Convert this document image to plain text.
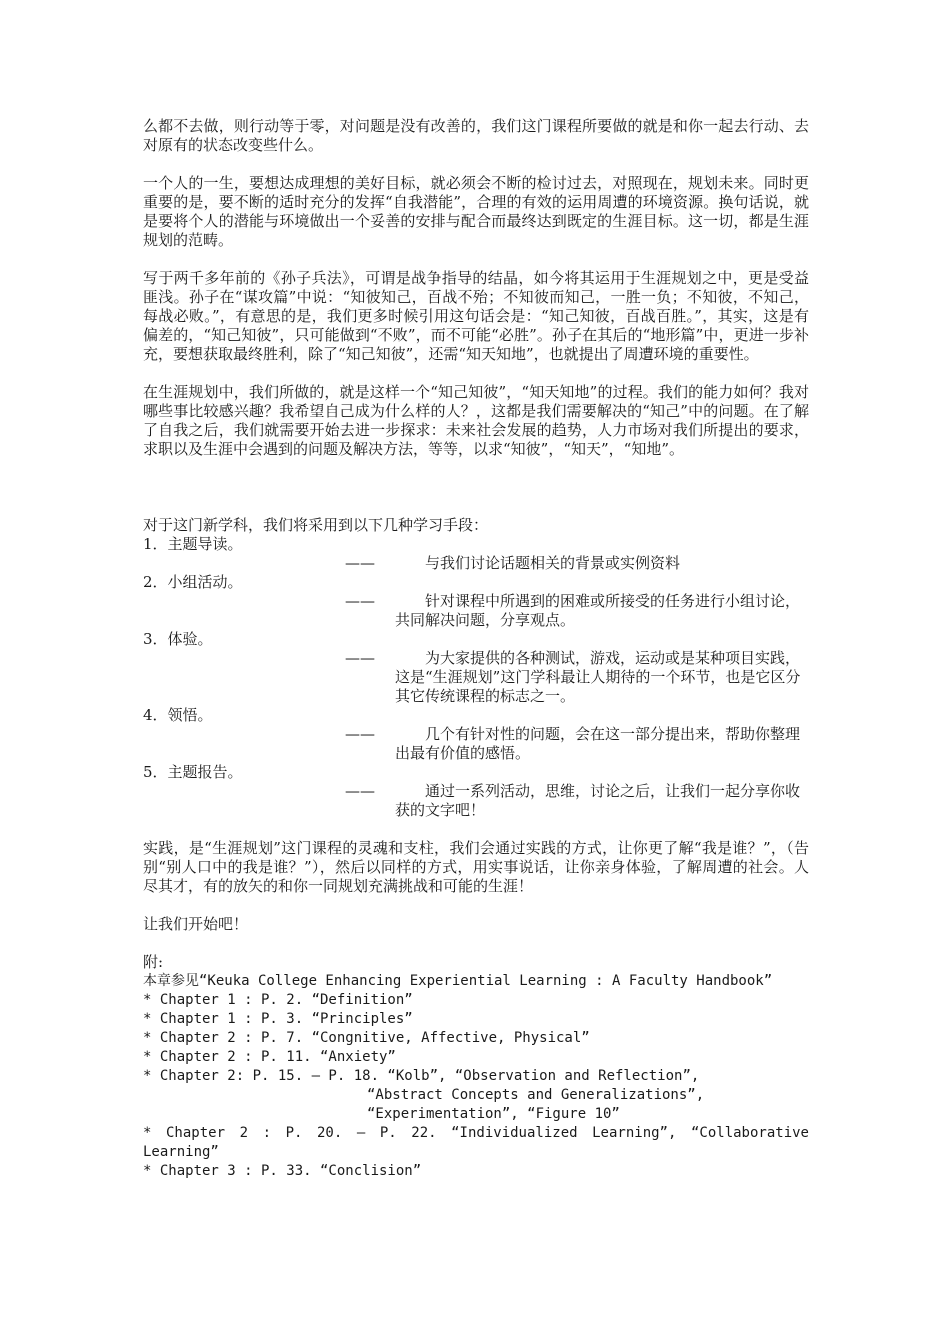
么都不去做，则行动等于零，对问题是没有改善的，我们这门课程所要做的就是和你一起去行动、去对原有的状态改变些什么。

一个人的一生，要想达成理想的美好目标，就必须会不断的检讨过去，对照现在，规划未来。同时更重要的是，要不断的适时充分的发挥“自我潜能”，合理的有效的运用周遭的环境资源。换句话说，就是要将个人的潜能与环境做出一个妥善的安排与配合而最终达到既定的生涯目标。这一切，都是生涯规划的范畴。

写于两千多年前的《孙子兵法》，可谓是战争指导的结晶，如今将其运用于生涯规划之中，更是受益匪浅。孙子在“谋攻篇”中说：“知彼知己，百战不殆；不知彼而知己，一胜一负；不知彼，不知己，每战必败。”，有意思的是，我们更多时候引用这句话会是：“知己知彼，百战百胜。”，其实，这是有偏差的，“知己知彼”，只可能做到“不败”，而不可能“必胜”。孙子在其后的“地形篇”中，更进一步补充，要想获取最终胜利，除了“知己知彼”，还需“知天知地”，也就提出了周遭环境的重要性。

在生涯规划中，我们所做的，就是这样一个“知己知彼”，“知天知地”的过程。我们的能力如何？我对哪些事比较感兴趣？我希望自己成为什么样的人？，这都是我们需要解决的“知己”中的问题。在了解了自我之后，我们就需要开始去进一步探求：未来社会发展的趋势，人力市场对我们所提出的要求，求职以及生涯中会遇到的问题及解决方法，等等，以求“知彼”，“知天”，“知地”。

对于这门新学科，我们将采用到以下几种学习手段：

1．主题导读。

——	与我们讨论话题相关的背景或实例资料

2．小组活动。

——	针对课程中所遇到的困难或所接受的任务进行小组讨论，共同解决问题，分享观点。

3．体验。

——	为大家提供的各种测试，游戏，运动或是某种项目实践，这是“生涯规划”这门学科最让人期待的一个环节，也是它区分其它传统课程的标志之一。

4．领悟。

——	几个有针对性的问题，会在这一部分提出来，帮助你整理出最有价值的感悟。

5．主题报告。

——	通过一系列活动，思维，讨论之后，让我们一起分享你收获的文字吧！

实践，是“生涯规划”这门课程的灵魂和支柱，我们会通过实践的方式，让你更了解“我是谁？”，（告别“别人口中的我是谁？”），然后以同样的方式，用实事说话，让你亲身体验，了解周遭的社会。人尽其才，有的放矢的和你一同规划充满挑战和可能的生涯！

让我们开始吧！

附:

本章参见“Keuka College Enhancing Experiential Learning : A Faculty Handbook”

* Chapter 1 : P. 2. “Definition”

* Chapter 1 : P. 3. “Principles”

* Chapter 2 : P. 7. “Congnitive, Affective, Physical”

* Chapter 2 : P. 11. “Anxiety”

* Chapter 2: P. 15. – P. 18. “Kolb”, “Observation and Reflection”,

“Abstract Concepts and Generalizations”,

“Experimentation”, “Figure 10”

* Chapter 2 : P. 20. – P. 22. “Individualized Learning”, “Collaborative Learning”

* Chapter 3 : P. 33. “Conclision”
